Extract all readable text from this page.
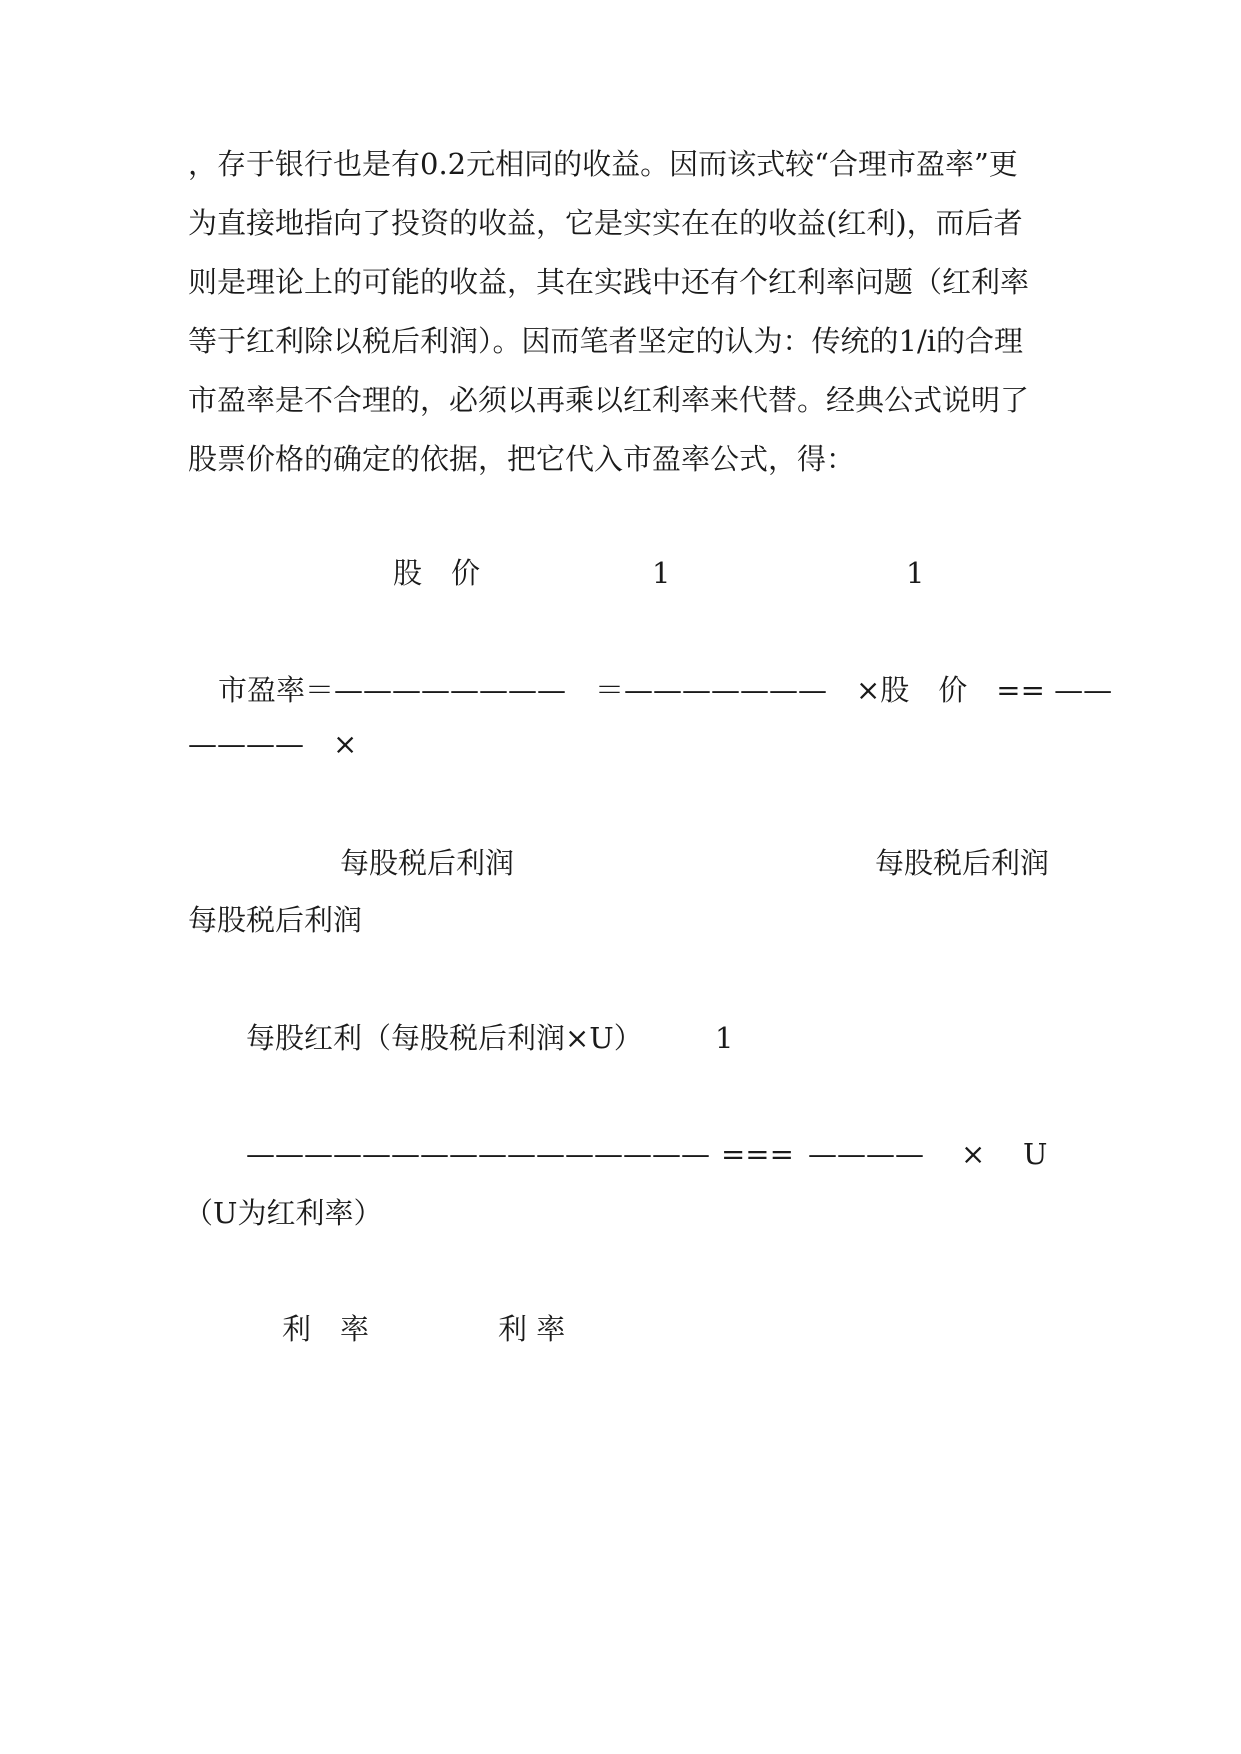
，存于银行也是有0.2元相同的收益。因而该式较“合理市盈率”更
为直接地指向了投资的收益，它是实实在在的收益(红利)，而后者
则是理论上的可能的收益，其在实践中还有个红利率问题（红利率
等于红利除以税后利润）。因而笔者坚定的认为：传统的1/i的合理
市盈率是不合理的，必须以再乘以红利率来代替。经典公式说明了
股票价格的确定的依据，把它代入市盈率公式，得：
股　价	1	1
市盈率＝————————　＝———————　×股　价　== ——
————　×
每股税后利润	每股税后利润
每股税后利润
每股红利（每股税后利润×U） 1
———————————————— === ———— × U
（U为红利率）
利　率	利 率
